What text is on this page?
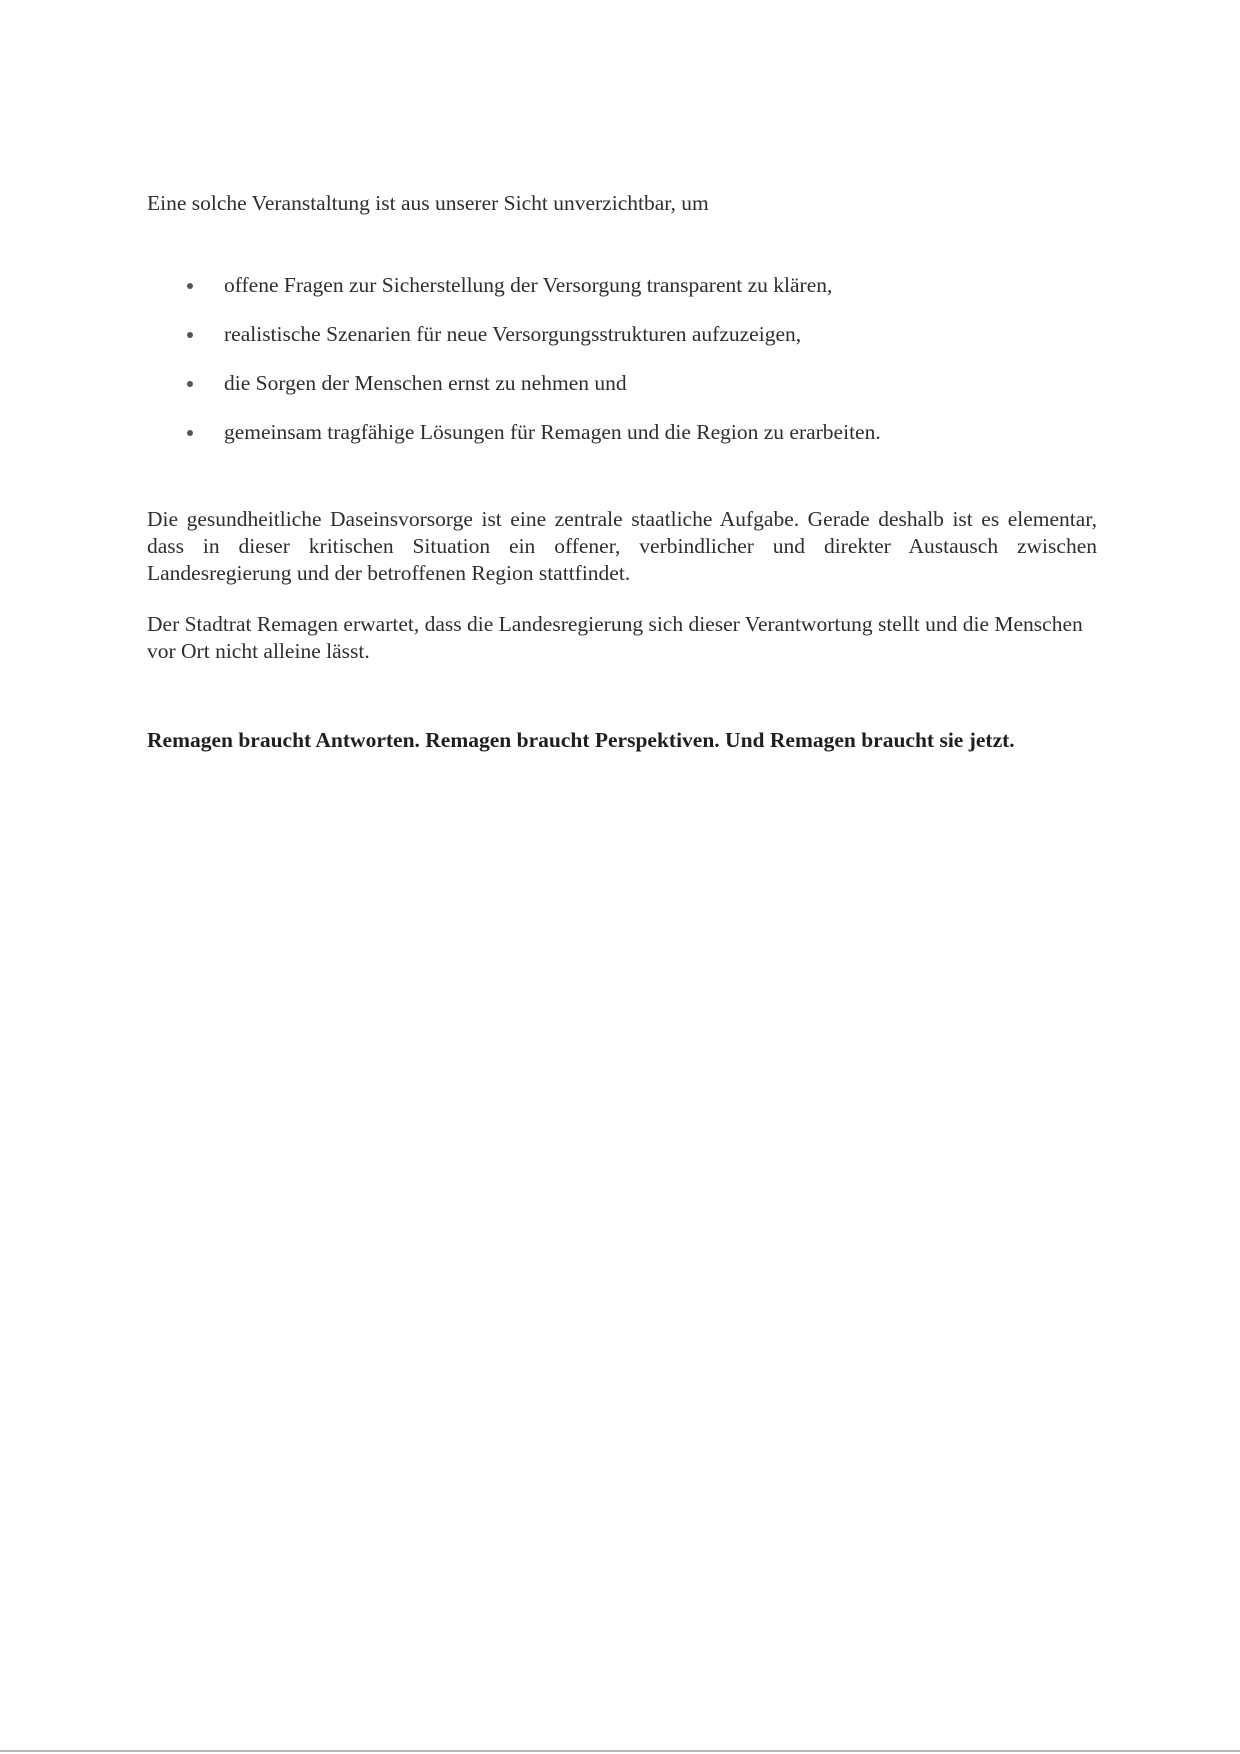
Eine solche Veranstaltung ist aus unserer Sicht unverzichtbar, um

offene Fragen zur Sicherstellung der Versorgung transparent zu klären,
realistische Szenarien für neue Versorgungsstrukturen aufzuzeigen,
die Sorgen der Menschen ernst zu nehmen und
gemeinsam tragfähige Lösungen für Remagen und die Region zu erarbeiten.

Die gesundheitliche Daseinsvorsorge ist eine zentrale staatliche Aufgabe. Gerade deshalb ist es elementar, dass in dieser kritischen Situation ein offener, verbindlicher und direkter Austausch zwischen Landesregierung und der betroffenen Region stattfindet.

Der Stadtrat Remagen erwartet, dass die Landesregierung sich dieser Verantwortung stellt und die Menschen vor Ort nicht alleine lässt.

Remagen braucht Antworten. Remagen braucht Perspektiven. Und Remagen braucht sie jetzt.
